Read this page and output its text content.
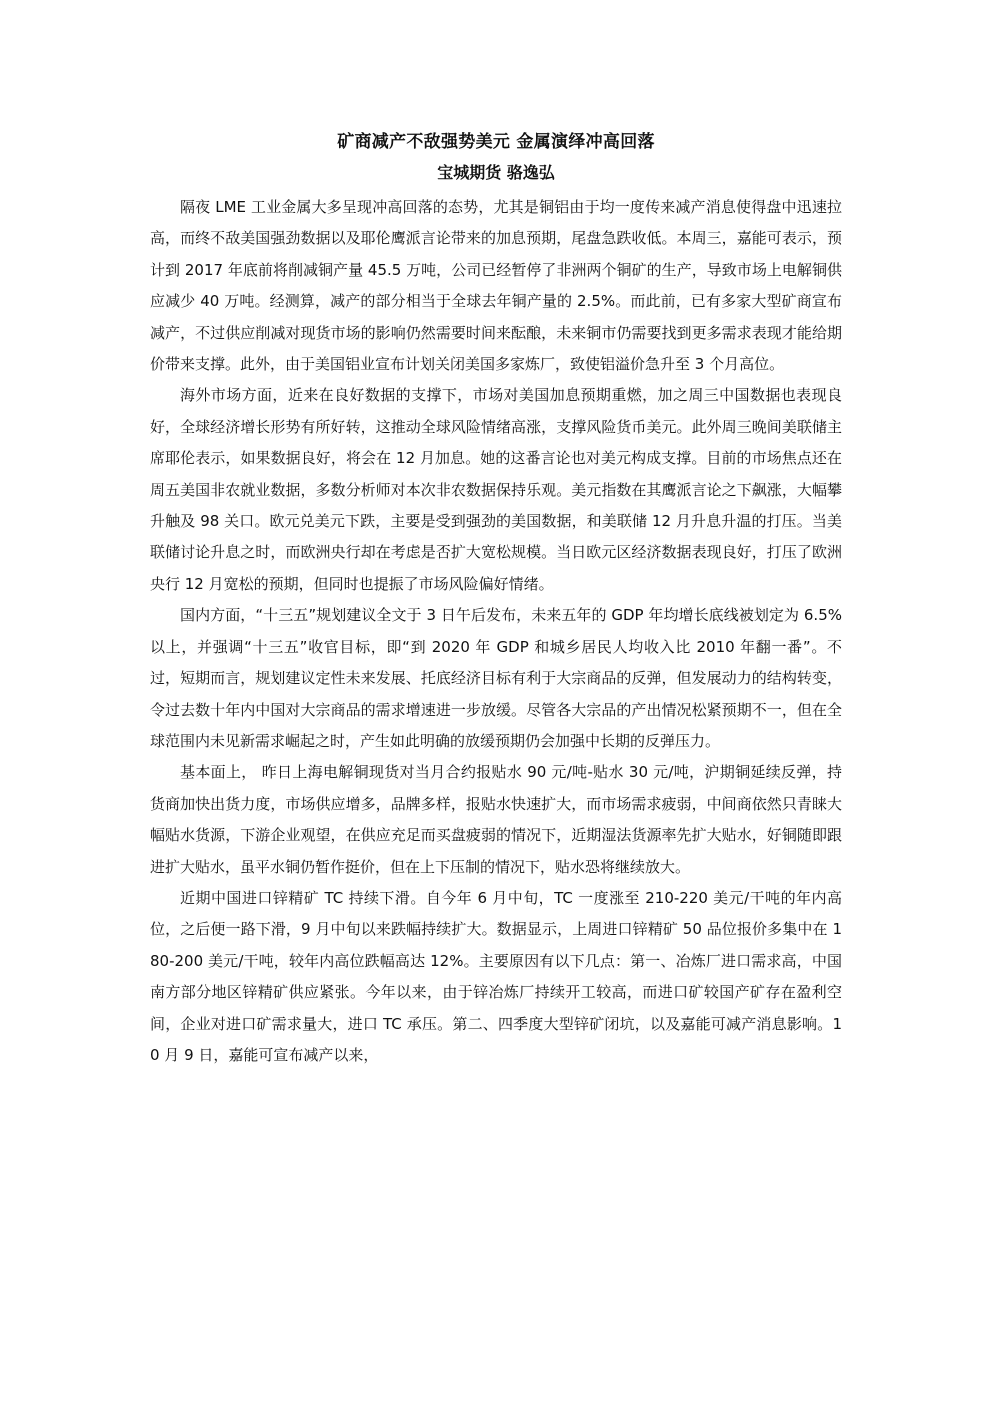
矿商减产不敌强势美元 金属演绎冲高回落
宝城期货 骆逸弘

隔夜 LME 工业金属大多呈现冲高回落的态势，尤其是铜铝由于均一度传来减产消息使得盘中迅速拉高，而终不敌美国强劲数据以及耶伦鹰派言论带来的加息预期，尾盘急跌收低。本周三，嘉能可表示，预计到 2017 年底前将削减铜产量 45.5 万吨，公司已经暂停了非洲两个铜矿的生产，导致市场上电解铜供应减少 40 万吨。经测算，减产的部分相当于全球去年铜产量的 2.5%。而此前，已有多家大型矿商宣布减产，不过供应削减对现货市场的影响仍然需要时间来酝酿，未来铜市仍需要找到更多需求表现才能给期价带来支撑。此外，由于美国铝业宣布计划关闭美国多家炼厂，致使铝溢价急升至 3 个月高位。

海外市场方面，近来在良好数据的支撑下，市场对美国加息预期重燃，加之周三中国数据也表现良好，全球经济增长形势有所好转，这推动全球风险情绪高涨，支撑风险货币美元。此外周三晚间美联储主席耶伦表示，如果数据良好，将会在 12 月加息。她的这番言论也对美元构成支撑。目前的市场焦点还在周五美国非农就业数据，多数分析师对本次非农数据保持乐观。美元指数在其鹰派言论之下飙涨，大幅攀升触及 98 关口。欧元兑美元下跌，主要是受到强劲的美国数据，和美联储 12 月升息升温的打压。当美联储讨论升息之时，而欧洲央行却在考虑是否扩大宽松规模。当日欧元区经济数据表现良好，打压了欧洲央行 12 月宽松的预期，但同时也提振了市场风险偏好情绪。

国内方面，“十三五”规划建议全文于 3 日午后发布，未来五年的 GDP 年均增长底线被划定为 6.5%以上，并强调“十三五”收官目标，即“到 2020 年 GDP 和城乡居民人均收入比 2010 年翻一番”。不过，短期而言，规划建议定性未来发展、托底经济目标有利于大宗商品的反弹，但发展动力的结构转变，令过去数十年内中国对大宗商品的需求增速进一步放缓。尽管各大宗品的产出情况松紧预期不一，但在全球范围内未见新需求崛起之时，产生如此明确的放缓预期仍会加强中长期的反弹压力。

基本面上， 昨日上海电解铜现货对当月合约报贴水 90 元/吨-贴水 30 元/吨，沪期铜延续反弹，持货商加快出货力度，市场供应增多，品牌多样，报贴水快速扩大，而市场需求疲弱，中间商依然只青睐大幅贴水货源，下游企业观望，在供应充足而买盘疲弱的情况下，近期湿法货源率先扩大贴水，好铜随即跟进扩大贴水，虽平水铜仍暂作挺价，但在上下压制的情况下，贴水恐将继续放大。

近期中国进口锌精矿 TC 持续下滑。自今年 6 月中旬，TC 一度涨至 210-220 美元/干吨的年内高位，之后便一路下滑，9 月中旬以来跌幅持续扩大。数据显示，上周进口锌精矿 50 品位报价多集中在 180-200 美元/干吨，较年内高位跌幅高达 12%。主要原因有以下几点：第一、冶炼厂进口需求高，中国南方部分地区锌精矿供应紧张。今年以来，由于锌冶炼厂持续开工较高，而进口矿较国产矿存在盈利空间，企业对进口矿需求量大，进口 TC 承压。第二、四季度大型锌矿闭坑，以及嘉能可减产消息影响。10 月 9 日，嘉能可宣布减产以来，
